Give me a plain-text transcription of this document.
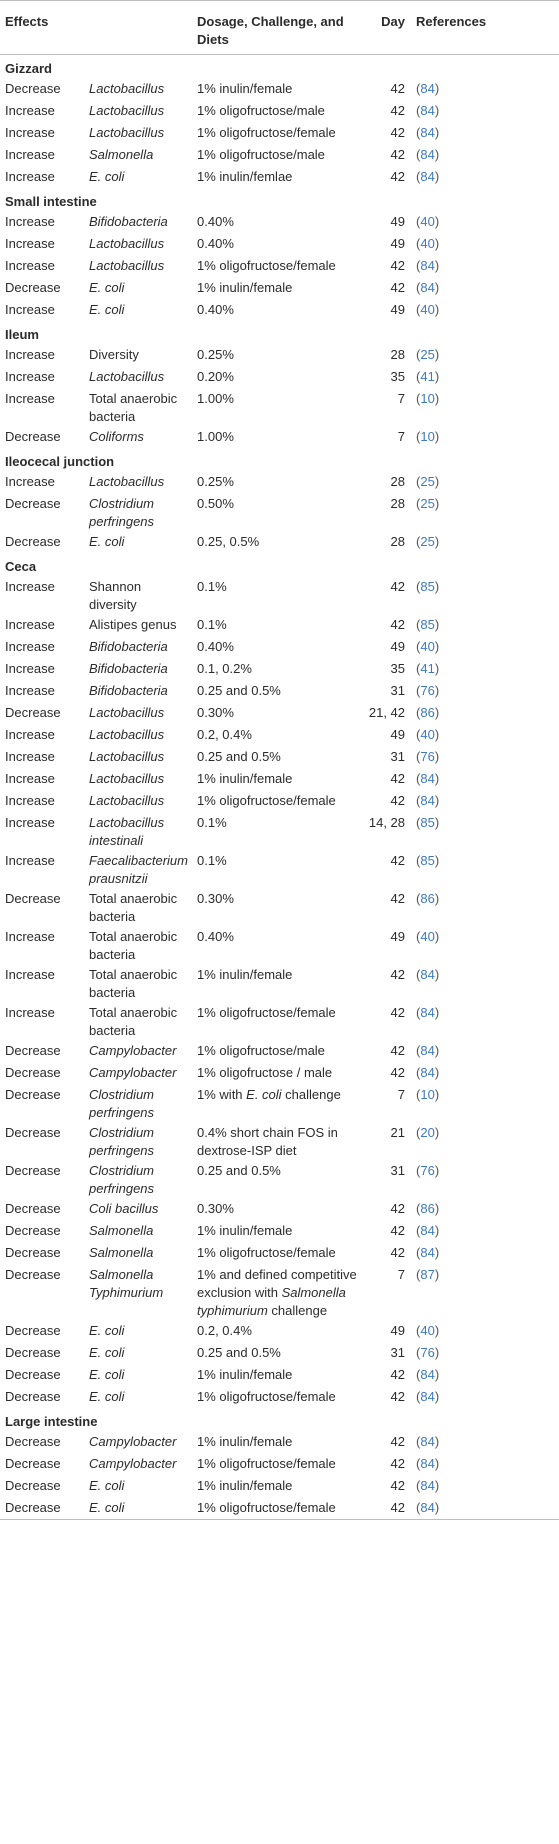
Effects		Dosage, Challenge, and Diets	Day	References
Gizzard				
Decrease	Lactobacillus	1% inulin/female	42	(84)
Increase	Lactobacillus	1% oligofructose/male	42	(84)
Increase	Lactobacillus	1% oligofructose/female	42	(84)
Increase	Salmonella	1% oligofructose/male	42	(84)
Increase	E. coli	1% inulin/femlae	42	(84)
Small intestine				
Increase	Bifidobacteria	0.40%	49	(40)
Increase	Lactobacillus	0.40%	49	(40)
Increase	Lactobacillus	1% oligofructose/female	42	(84)
Decrease	E. coli	1% inulin/female	42	(84)
Increase	E. coli	0.40%	49	(40)
Ileum				
Increase	Diversity	0.25%	28	(25)
Increase	Lactobacillus	0.20%	35	(41)
Increase	Total anaerobic bacteria	1.00%	7	(10)
Decrease	Coliforms	1.00%	7	(10)
Ileocecal junction				
Increase	Lactobacillus	0.25%	28	(25)
Decrease	Clostridium perfringens	0.50%	28	(25)
Decrease	E. coli	0.25, 0.5%	28	(25)
Ceca				
Increase	Shannon diversity	0.1%	42	(85)
Increase	Alistipes genus	0.1%	42	(85)
Increase	Bifidobacteria	0.40%	49	(40)
Increase	Bifidobacteria	0.1, 0.2%	35	(41)
Increase	Bifidobacteria	0.25 and 0.5%	31	(76)
Decrease	Lactobacillus	0.30%	21, 42	(86)
Increase	Lactobacillus	0.2, 0.4%	49	(40)
Increase	Lactobacillus	0.25 and 0.5%	31	(76)
Increase	Lactobacillus	1% inulin/female	42	(84)
Increase	Lactobacillus	1% oligofructose/female	42	(84)
Increase	Lactobacillus intestinali	0.1%	14, 28	(85)
Increase	Faecalibacterium prausnitzii	0.1%	42	(85)
Decrease	Total anaerobic bacteria	0.30%	42	(86)
Increase	Total anaerobic bacteria	0.40%	49	(40)
Increase	Total anaerobic bacteria	1% inulin/female	42	(84)
Increase	Total anaerobic bacteria	1% oligofructose/female	42	(84)
Decrease	Campylobacter	1% oligofructose/male	42	(84)
Decrease	Campylobacter	1% oligofructose / male	42	(84)
Decrease	Clostridium perfringens	1% with E. coli challenge	7	(10)
Decrease	Clostridium perfringens	0.4% short chain FOS in dextrose-ISP diet	21	(20)
Decrease	Clostridium perfringens	0.25 and 0.5%	31	(76)
Decrease	Coli bacillus	0.30%	42	(86)
Decrease	Salmonella	1% inulin/female	42	(84)
Decrease	Salmonella	1% oligofructose/female	42	(84)
Decrease	Salmonella Typhimurium	1% and defined competitive exclusion with Salmonella typhimurium challenge	7	(87)
Decrease	E. coli	0.2, 0.4%	49	(40)
Decrease	E. coli	0.25 and 0.5%	31	(76)
Decrease	E. coli	1% inulin/female	42	(84)
Decrease	E. coli	1% oligofructose/female	42	(84)
Large intestine				
Decrease	Campylobacter	1% inulin/female	42	(84)
Decrease	Campylobacter	1% oligofructose/female	42	(84)
Decrease	E. coli	1% inulin/female	42	(84)
Decrease	E. coli	1% oligofructose/female	42	(84)
